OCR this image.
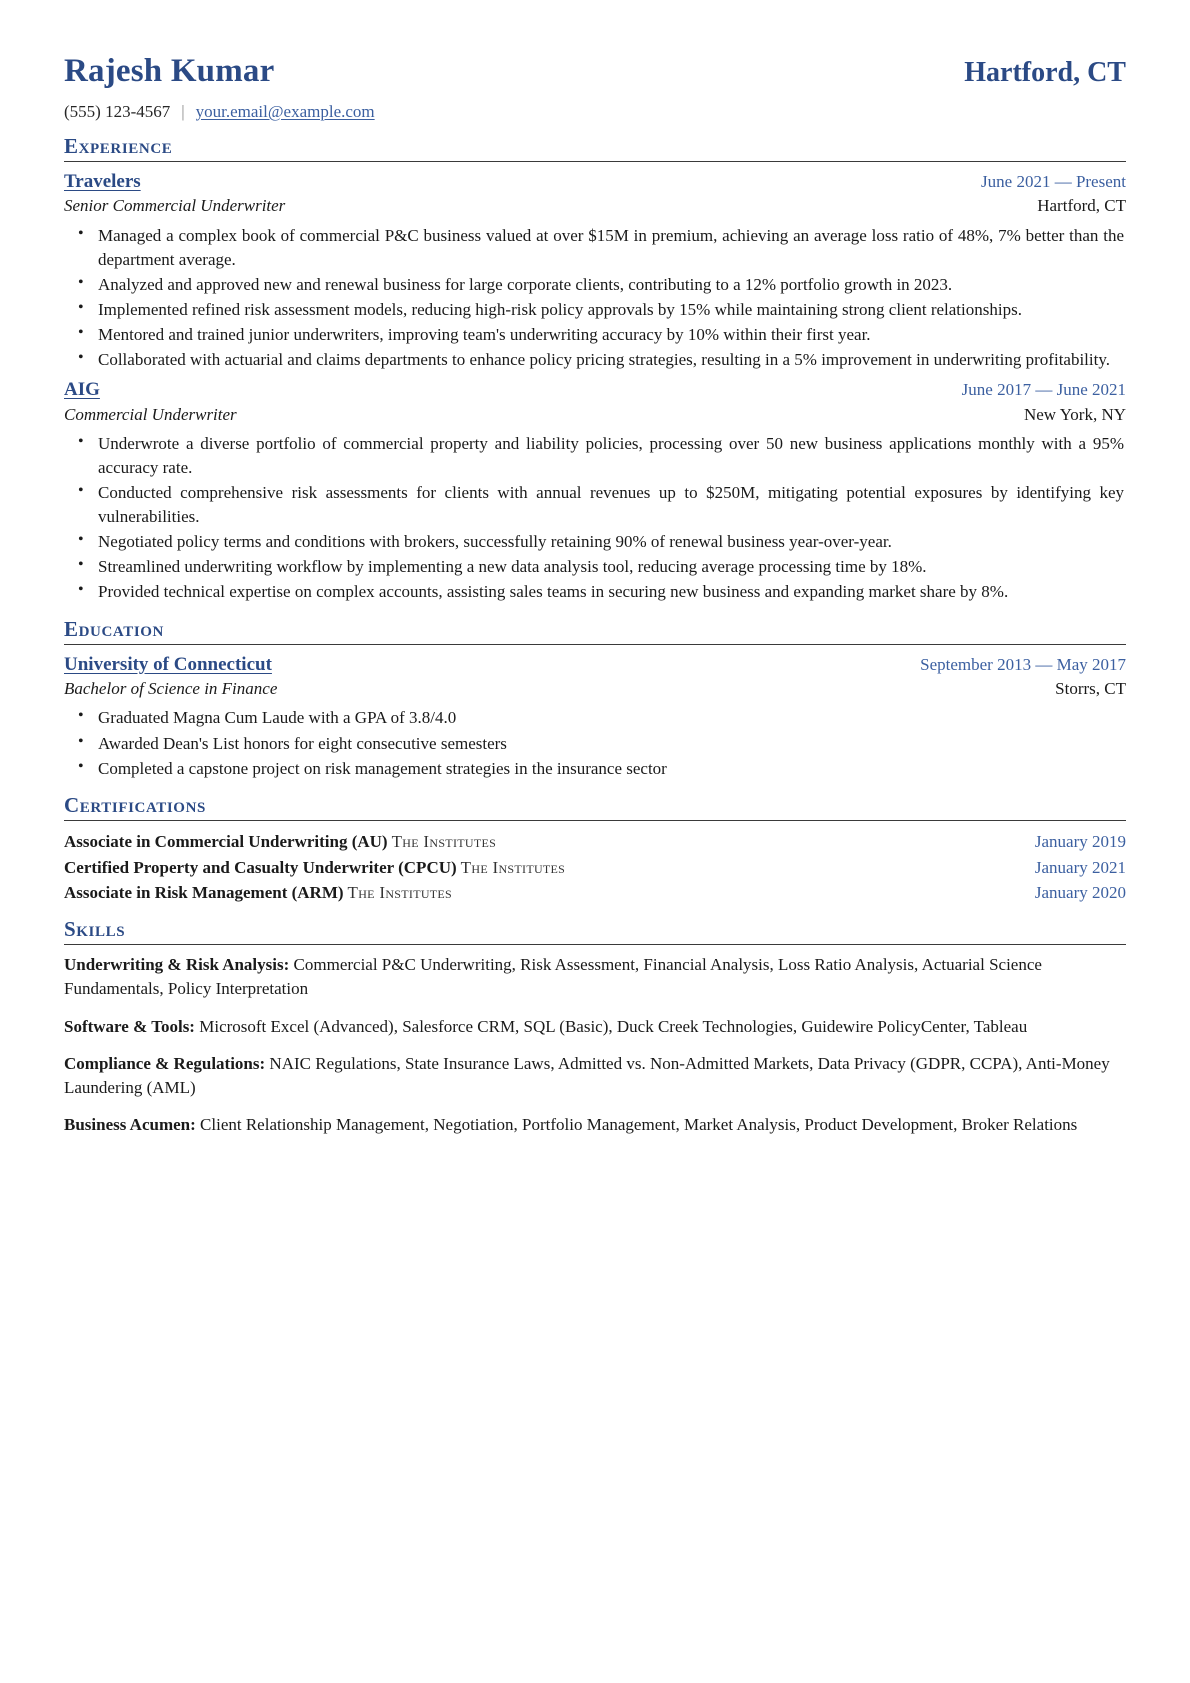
Rajesh Kumar	Hartford, CT
(555) 123-4567 | your.email@example.com
Experience
Travelers	June 2021 — Present
Senior Commercial Underwriter	Hartford, CT
• Managed a complex book of commercial P&C business valued at over $15M in premium, achieving an average loss ratio of 48%, 7% better than the department average.
• Analyzed and approved new and renewal business for large corporate clients, contributing to a 12% portfolio growth in 2023.
• Implemented refined risk assessment models, reducing high-risk policy approvals by 15% while maintaining strong client relationships.
• Mentored and trained junior underwriters, improving team's underwriting accuracy by 10% within their first year.
• Collaborated with actuarial and claims departments to enhance policy pricing strategies, resulting in a 5% improvement in underwriting profitability.
AIG	June 2017 — June 2021
Commercial Underwriter	New York, NY
• Underwrote a diverse portfolio of commercial property and liability policies, processing over 50 new business applications monthly with a 95% accuracy rate.
• Conducted comprehensive risk assessments for clients with annual revenues up to $250M, mitigating potential exposures by identifying key vulnerabilities.
• Negotiated policy terms and conditions with brokers, successfully retaining 90% of renewal business year-over-year.
• Streamlined underwriting workflow by implementing a new data analysis tool, reducing average processing time by 18%.
• Provided technical expertise on complex accounts, assisting sales teams in securing new business and expanding market share by 8%.
Education
University of Connecticut	September 2013 — May 2017
Bachelor of Science in Finance	Storrs, CT
• Graduated Magna Cum Laude with a GPA of 3.8/4.0
• Awarded Dean's List honors for eight consecutive semesters
• Completed a capstone project on risk management strategies in the insurance sector
Certifications
Associate in Commercial Underwriting (AU) The Institutes	January 2019
Certified Property and Casualty Underwriter (CPCU) The Institutes	January 2021
Associate in Risk Management (ARM) The Institutes	January 2020
Skills
Underwriting & Risk Analysis: Commercial P&C Underwriting, Risk Assessment, Financial Analysis, Loss Ratio Analysis, Actuarial Science Fundamentals, Policy Interpretation
Software & Tools: Microsoft Excel (Advanced), Salesforce CRM, SQL (Basic), Duck Creek Technologies, Guidewire PolicyCenter, Tableau
Compliance & Regulations: NAIC Regulations, State Insurance Laws, Admitted vs. Non-Admitted Markets, Data Privacy (GDPR, CCPA), Anti-Money Laundering (AML)
Business Acumen: Client Relationship Management, Negotiation, Portfolio Management, Market Analysis, Product Development, Broker Relations
